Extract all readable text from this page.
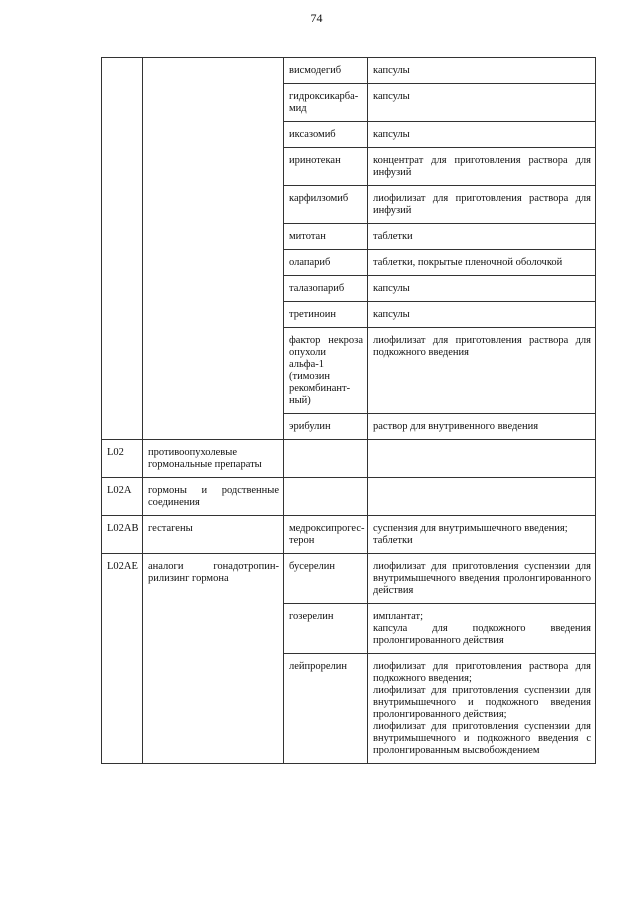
74
		висмодегиб	капсулы

		гидроксикарба-мид	капсулы

		иксазомиб	капсулы

		иринотекан	концентрат для приготовления раствора для инфузий

		карфилзомиб	лиофилизат для приготовления раствора для инфузий

		митотан	таблетки

		олапариб	таблетки, покрытые пленочной оболочкой

		талазопариб	капсулы

		третиноин	капсулы

		фактор некроза опухоли альфа-1 (тимозин рекомбинант-ный)	лиофилизат для приготовления раствора для подкожного введения

		эрибулин	раствор для внутривенного введения

L02	противоопухолевые гормональные препараты		
L02A	гормоны и родственные соединения		
L02AB	гестагены	медроксипрогес-терон	суспензия для внутримышечного введения;
таблетки

L02AE	аналоги гонадотропин-рилизинг гормона	бусерелин	лиофилизат для приготовления суспензии для внутримышечного введения пролонгированного действия

		гозерелин	имплантат;
капсула для подкожного введения пролонгированного действия

		лейпрорелин	лиофилизат для приготовления раствора для подкожного введения;
лиофилизат для приготовления суспензии для внутримышечного и подкожного введения пролонгированного действия;
лиофилизат для приготовления суспензии для внутримышечного и подкожного введения с пролонгированным высвобождением
